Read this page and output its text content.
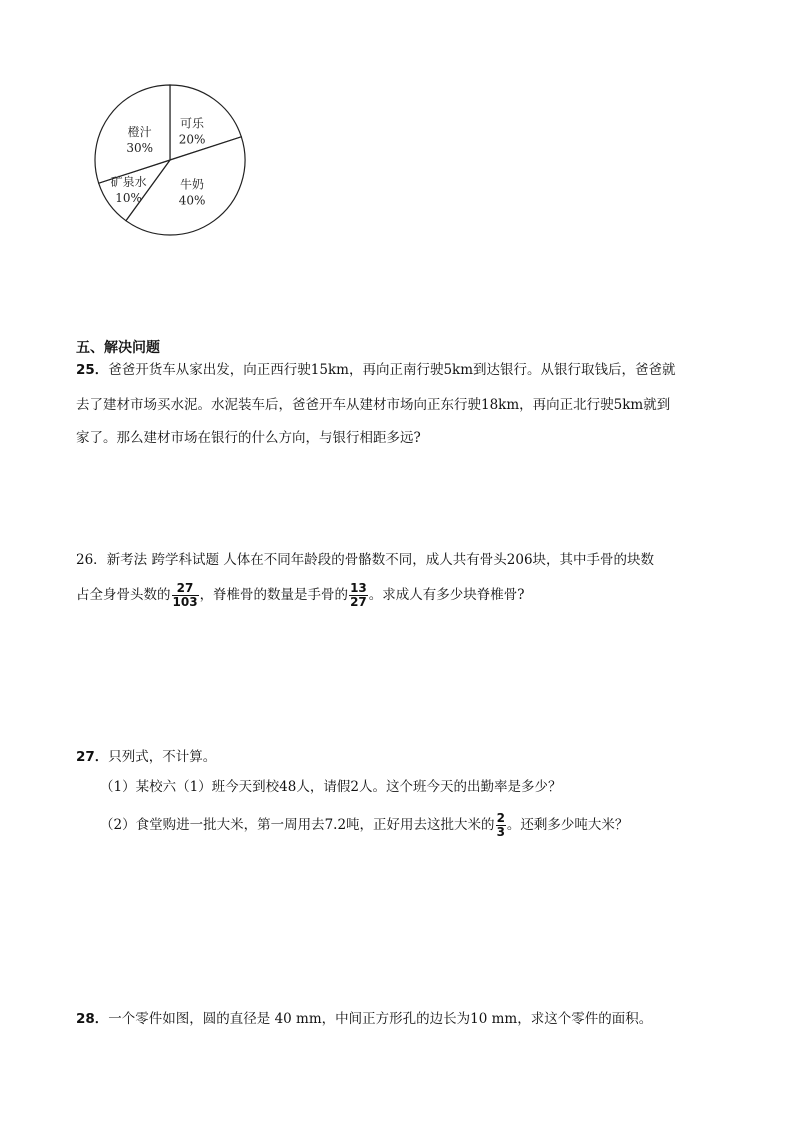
可乐
20%
牛奶
40%
矿泉水
10%
橙汁
30%
五、解决问题
25．爸爸开货车从家出发，向正西行驶15km，再向正南行驶5km到达银行。从银行取钱后，爸爸就
去了建材市场买水泥。水泥装车后，爸爸开车从建材市场向正东行驶18km，再向正北行驶5km就到
家了。那么建材市场在银行的什么方向，与银行相距多远?
26．新考法 跨学科试题 人体在不同年龄段的骨骼数不同，成人共有骨头206块，其中手骨的块数
占全身骨头数的 $\frac{27}{103}$ ，脊椎骨的数量是手骨的 $\frac{13}{27}$ 。求成人有多少块脊椎骨?
27．只列式，不计算。
（1）某校六（1）班今天到校48人，请假2人。这个班今天的出勤率是多少？
（2）食堂购进一批大米，第一周用去7.2吨，正好用去这批大米的 $\frac{2}{3}$ 。还剩多少吨大米？
28．一个零件如图，圆的直径是 40 mm，中间正方形孔的边长为10 mm，求这个零件的面积。
